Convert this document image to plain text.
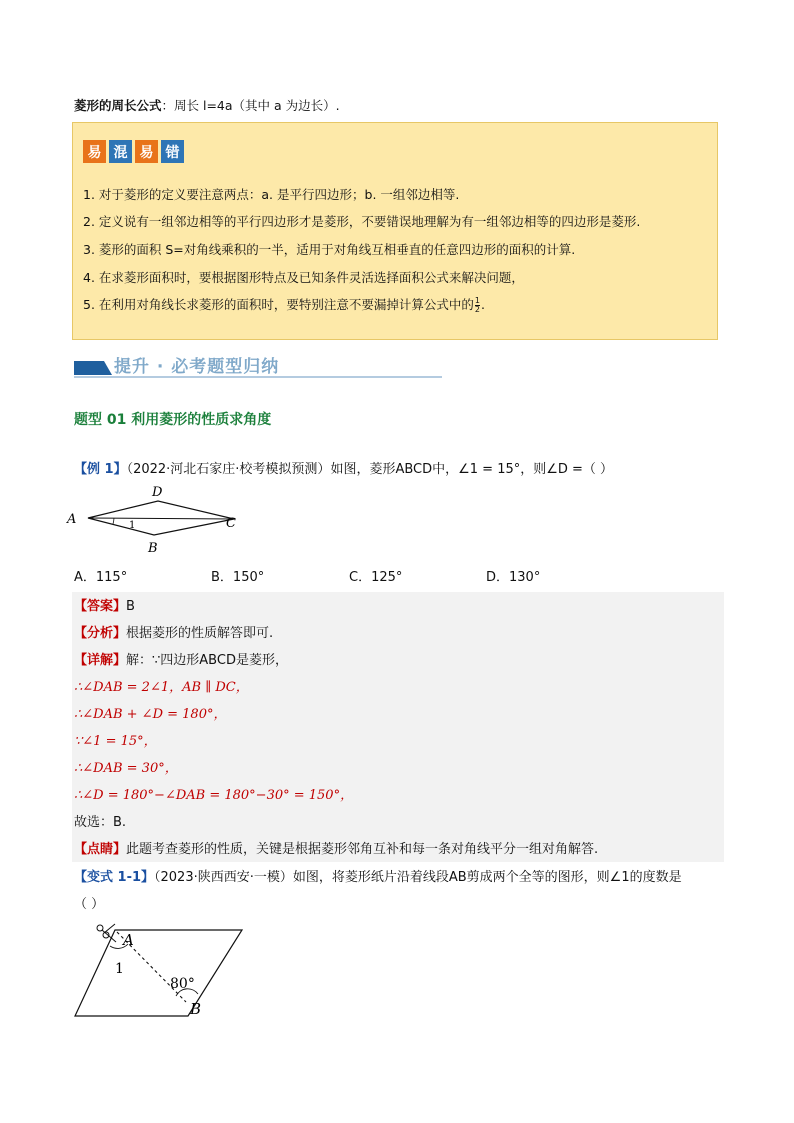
菱形的周长公式：周长 l=4a（其中 a 为边长）.
易 混 易 错
1. 对于菱形的定义要注意两点：a. 是平行四边形；b. 一组邻边相等.
2. 定义说有一组邻边相等的平行四边形才是菱形，不要错误地理解为有一组邻边相等的四边形是菱形.
3. 菱形的面积 S=对角线乘积的一半，适用于对角线互相垂直的任意四边形的面积的计算.
4. 在求菱形面积时，要根据图形特点及已知条件灵活选择面积公式来解决问题，
5. 在利用对角线长求菱形的面积时，要特别注意不要漏掉计算公式中的 $\frac{1}{2}$ .
提升 · 必考题型归纳
题型 01 利用菱形的性质求角度
【例 1】（2022·河北石家庄·校考模拟预测）如图，菱形ABCD中，∠1 = 15°，则∠D =（ ）
A
D
C
B
1
A．115°	B．150°	C．125°	D．130°
【答案】B
【分析】根据菱形的性质解答即可.
【详解】解：∵四边形ABCD是菱形，
∴∠DAB = 2∠1，AB ∥ DC，
∴∠DAB + ∠D = 180°，
∵∠1 = 15°，
∴∠DAB = 30°，
∴∠D = 180°−∠DAB = 180°−30° = 150°，
故选：B.
【点睛】此题考查菱形的性质，关键是根据菱形邻角互补和每一条对角线平分一组对角解答.
【变式 1-1】（2023·陕西西安·一模）如图，将菱形纸片沿着线段AB剪成两个全等的图形，则∠1的度数是
（ ）
A
1
80°
B
